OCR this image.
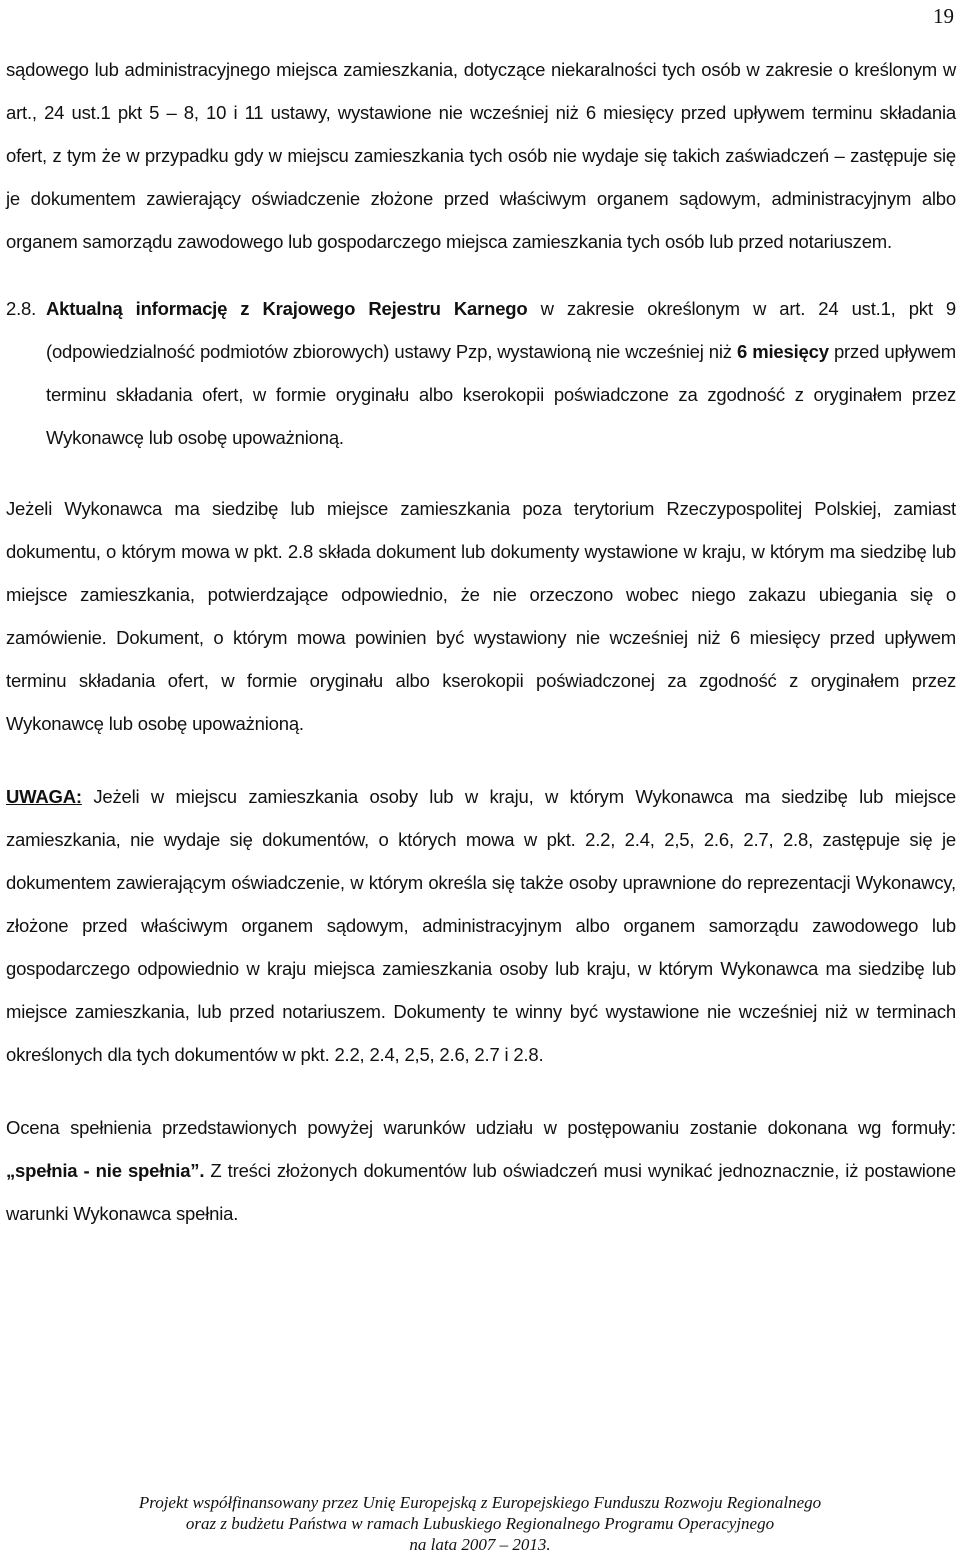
19

sądowego lub administracyjnego miejsca zamieszkania, dotyczące niekaralności tych osób w zakresie o kreślonym w art., 24 ust.1 pkt 5 – 8, 10 i 11 ustawy, wystawione nie wcześniej niż 6 miesięcy przed upływem terminu składania ofert, z tym że w przypadku gdy w miejscu zamieszkania tych osób nie wydaje się takich zaświadczeń – zastępuje się je dokumentem zawierający oświadczenie złożone przed właściwym organem sądowym, administracyjnym albo organem samorządu zawodowego lub gospodarczego miejsca zamieszkania tych osób lub przed notariuszem.

2.8. Aktualną informację z Krajowego Rejestru Karnego w zakresie określonym w art. 24 ust.1, pkt 9 (odpowiedzialność podmiotów zbiorowych) ustawy Pzp, wystawioną nie wcześniej niż 6 miesięcy przed upływem terminu składania ofert, w formie oryginału albo kserokopii poświadczone za zgodność z oryginałem przez Wykonawcę lub osobę upoważnioną.

Jeżeli Wykonawca ma siedzibę lub miejsce zamieszkania poza terytorium Rzeczypospolitej Polskiej, zamiast dokumentu, o którym mowa w pkt. 2.8 składa dokument lub dokumenty wystawione w kraju, w którym ma siedzibę lub miejsce zamieszkania, potwierdzające odpowiednio, że nie orzeczono wobec niego zakazu ubiegania się o zamówienie. Dokument, o którym mowa powinien być wystawiony nie wcześniej niż 6 miesięcy przed upływem terminu składania ofert, w formie oryginału albo kserokopii poświadczonej za zgodność z oryginałem przez Wykonawcę lub osobę upoważnioną.

UWAGA: Jeżeli w miejscu zamieszkania osoby lub w kraju, w którym Wykonawca ma siedzibę lub miejsce zamieszkania, nie wydaje się dokumentów, o których mowa w pkt. 2.2, 2.4, 2,5, 2.6, 2.7, 2.8, zastępuje się je dokumentem zawierającym oświadczenie, w którym określa się także osoby uprawnione do reprezentacji Wykonawcy, złożone przed właściwym organem sądowym, administracyjnym albo organem samorządu zawodowego lub gospodarczego odpowiednio w kraju miejsca zamieszkania osoby lub kraju, w którym Wykonawca ma siedzibę lub miejsce zamieszkania, lub przed notariuszem. Dokumenty te winny być wystawione nie wcześniej niż w terminach określonych dla tych dokumentów w pkt. 2.2, 2.4, 2,5, 2.6, 2.7 i 2.8.

Ocena spełnienia przedstawionych powyżej warunków udziału w postępowaniu zostanie dokonana wg formuły: „spełnia - nie spełnia”. Z treści złożonych dokumentów lub oświadczeń musi wynikać jednoznacznie, iż postawione warunki Wykonawca spełnia.

Projekt współfinansowany przez Unię Europejską z Europejskiego Funduszu Rozwoju Regionalnego
oraz z budżetu Państwa w ramach Lubuskiego Regionalnego Programu Operacyjnego
na lata 2007 – 2013.
